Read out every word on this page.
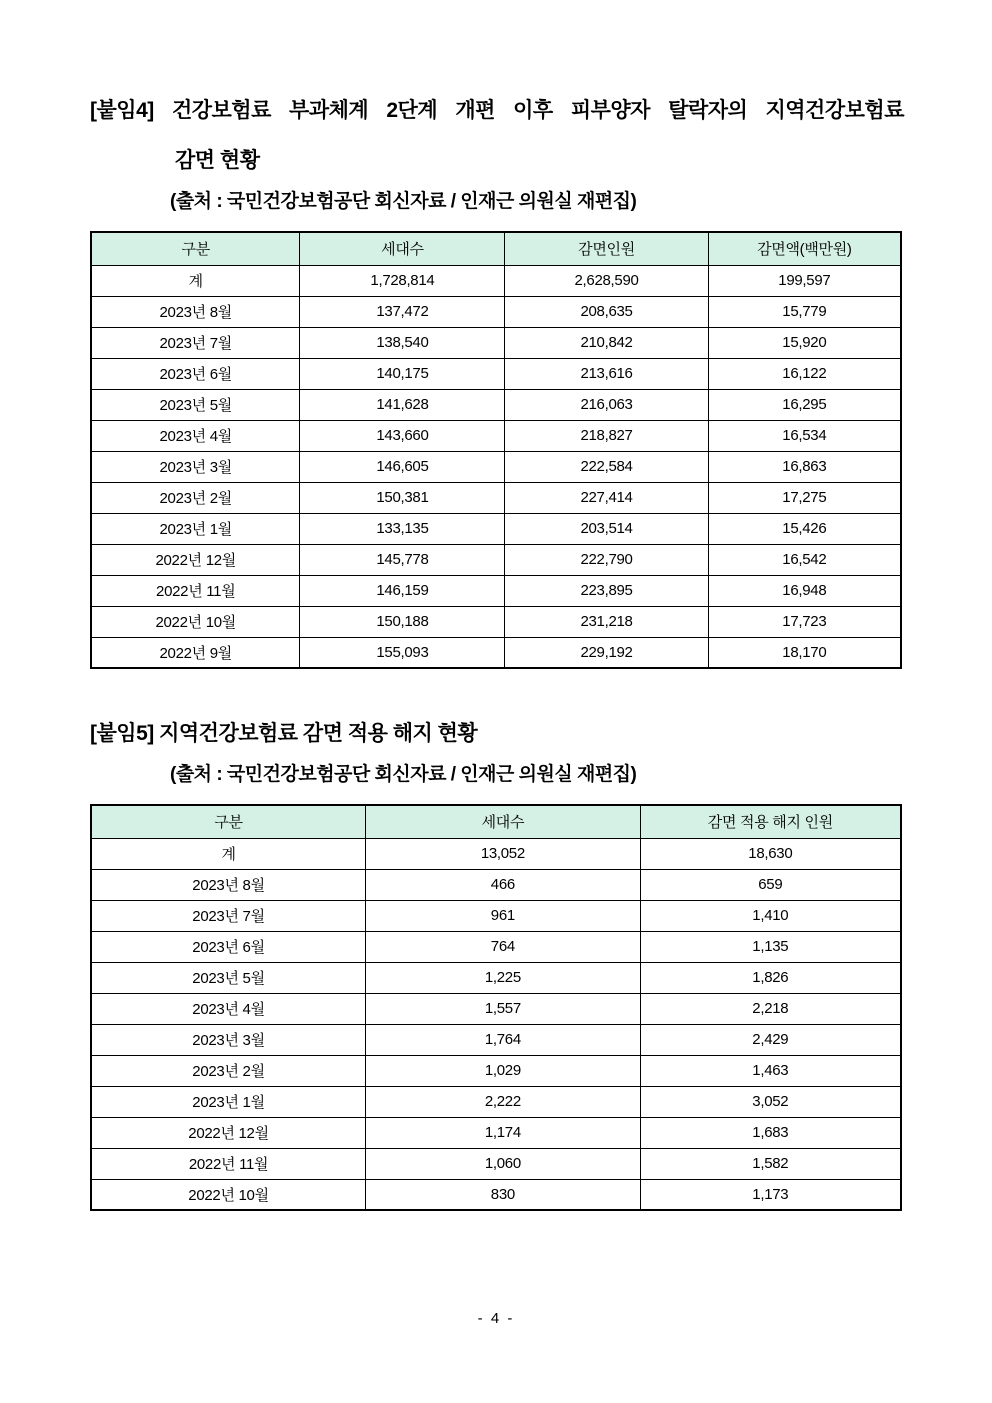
[붙임4] 건강보험료 부과체계 2단계 개편 이후 피부양자 탈락자의 지역건강보험료
감면 현황
(출처 : 국민건강보험공단 회신자료 / 인재근 의원실 재편집)
구분	세대수	감면인원	감면액(백만원)
계	1,728,814	2,628,590	199,597
2023년 8월	137,472	208,635	15,779
2023년 7월	138,540	210,842	15,920
2023년 6월	140,175	213,616	16,122
2023년 5월	141,628	216,063	16,295
2023년 4월	143,660	218,827	16,534
2023년 3월	146,605	222,584	16,863
2023년 2월	150,381	227,414	17,275
2023년 1월	133,135	203,514	15,426
2022년 12월	145,778	222,790	16,542
2022년 11월	146,159	223,895	16,948
2022년 10월	150,188	231,218	17,723
2022년 9월	155,093	229,192	18,170
[붙임5] 지역건강보험료 감면 적용 해지 현황
(출처 : 국민건강보험공단 회신자료 / 인재근 의원실 재편집)
구분	세대수	감면 적용 해지 인원
계	13,052	18,630
2023년 8월	466	659
2023년 7월	961	1,410
2023년 6월	764	1,135
2023년 5월	1,225	1,826
2023년 4월	1,557	2,218
2023년 3월	1,764	2,429
2023년 2월	1,029	1,463
2023년 1월	2,222	3,052
2022년 12월	1,174	1,683
2022년 11월	1,060	1,582
2022년 10월	830	1,173
- 4 -
